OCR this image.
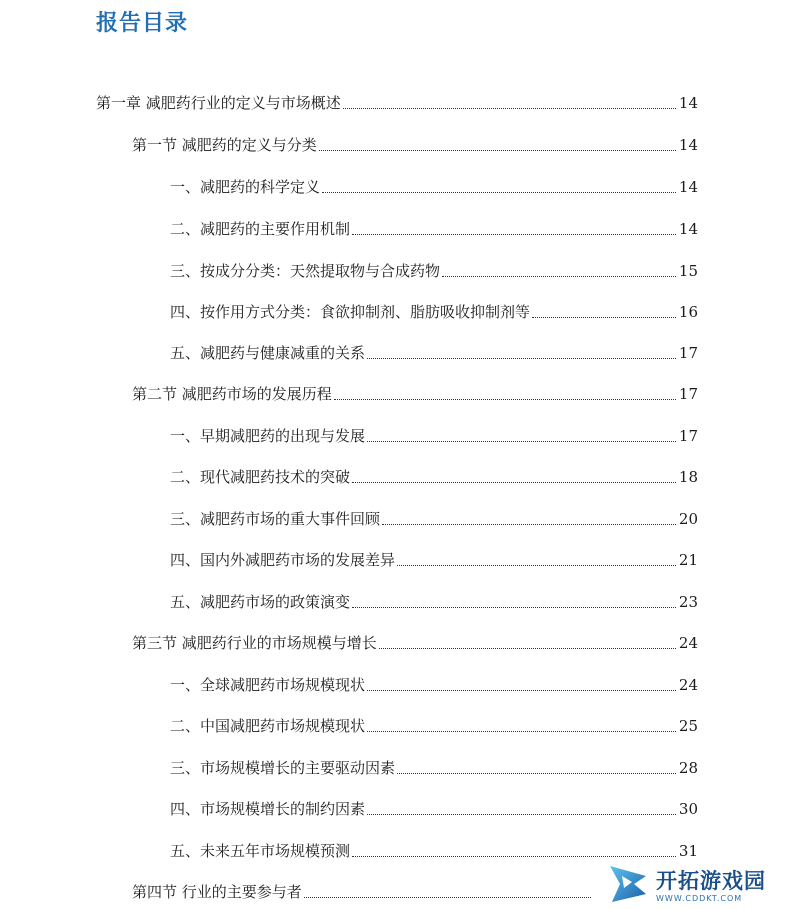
报告目录
第一章 减肥药行业的定义与市场概述	14
第一节 减肥药的定义与分类	14
一、减肥药的科学定义	14
二、减肥药的主要作用机制	14
三、按成分分类：天然提取物与合成药物	15
四、按作用方式分类：食欲抑制剂、脂肪吸收抑制剂等	16
五、减肥药与健康减重的关系	17
第二节 减肥药市场的发展历程	17
一、早期减肥药的出现与发展	17
二、现代减肥药技术的突破	18
三、减肥药市场的重大事件回顾	20
四、国内外减肥药市场的发展差异	21
五、减肥药市场的政策演变	23
第三节 减肥药行业的市场规模与增长	24
一、全球减肥药市场规模现状	24
二、中国减肥药市场规模现状	25
三、市场规模增长的主要驱动因素	28
四、市场规模增长的制约因素	30
五、未来五年市场规模预测	31
第四节 行业的主要参与者	开拓游戏园
WWW.CDDKT.COM
